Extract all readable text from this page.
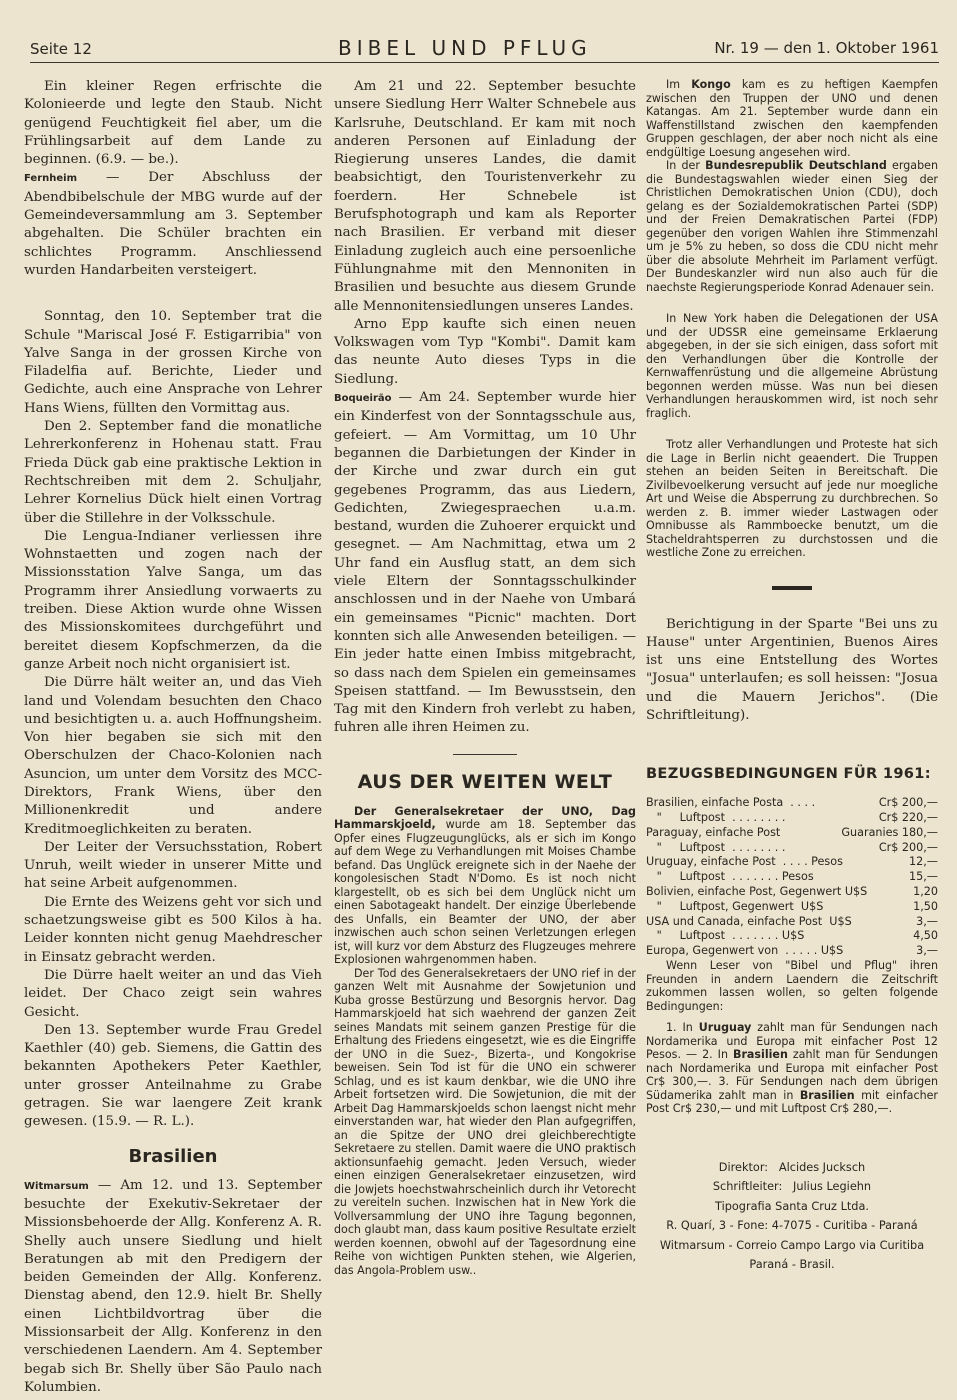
Seite 12	BIBEL UND PFLUG	Nr. 19 — den 1. Oktober 1961

Ein kleiner Regen erfrischte die Kolonieerde und legte den Staub. Nicht genügend Feuchtigkeit fiel aber, um die Frühlingsarbeit auf dem Lande zu beginnen. (6.9. — be.).

Fernheim — Der Abschluss der Abendbibelschule der MBG wurde auf der Gemeindeversammlung am 3. September abgehalten. Die Schüler brachten ein schlichtes Programm. Anschliessend wurden Handarbeiten versteigert.

Sonntag, den 10. September trat die Schule "Mariscal José F. Estigarribia" von Yalve Sanga in der grossen Kirche von Filadelfia auf. Berichte, Lieder und Gedichte, auch eine Ansprache von Lehrer Hans Wiens, füllten den Vormittag aus.

Den 2. September fand die monatliche Lehrerkonferenz in Hohenau statt. Frau Frieda Dück gab eine praktische Lektion in Rechtschreiben mit dem 2. Schuljahr, Lehrer Kornelius Dück hielt einen Vortrag über die Stillehre in der Volksschule.

Die Lengua-Indianer verliessen ihre Wohnstaetten und zogen nach der Missionsstation Yalve Sanga, um das Programm ihrer Ansiedlung vorwaerts zu treiben. Diese Aktion wurde ohne Wissen des Missionskomitees durchgeführt und bereitet diesem Kopfschmerzen, da die ganze Arbeit noch nicht organisiert ist.

Die Dürre hält weiter an, und das Vieh land und Volendam besuchten den Chaco und besichtigten u. a. auch Hoffnungsheim. Von hier begaben sie sich mit den Oberschulzen der Chaco-Kolonien nach Asuncion, um unter dem Vorsitz des MCC-Direktors, Frank Wiens, über den Millionenkredit und andere Kreditmoeglichkeiten zu beraten.

Der Leiter der Versuchsstation, Robert Unruh, weilt wieder in unserer Mitte und hat seine Arbeit aufgenommen.

Die Ernte des Weizens geht vor sich und schaetzungsweise gibt es 500 Kilos à ha. Leider konnten nicht genug Maehdrescher in Einsatz gebracht werden.

Die Dürre haelt weiter an und das Vieh leidet. Der Chaco zeigt sein wahres Gesicht.

Den 13. September wurde Frau Gredel Kaethler (40) geb. Siemens, die Gattin des bekannten Apothekers Peter Kaethler, unter grosser Anteilnahme zu Grabe getragen. Sie war laengere Zeit krank gewesen. (15.9. — R. L.).

Brasilien

Witmarsum — Am 12. und 13. September besuchte der Exekutiv-Sekretaer der Missionsbehoerde der Allg. Konferenz A. R. Shelly auch unsere Siedlung und hielt Beratungen ab mit den Predigern der beiden Gemeinden der Allg. Konferenz. Dienstag abend, den 12.9. hielt Br. Shelly einen Lichtbildvortrag über die Missionsarbeit der Allg. Konferenz in den verschiedenen Laendern. Am 4. September begab sich Br. Shelly über São Paulo nach Kolumbien.

Am 21 und 22. September besuchte unsere Siedlung Herr Walter Schnebele aus Karlsruhe, Deutschland. Er kam mit noch anderen Personen auf Einladung der Riegierung unseres Landes, die damit beabsichtigt, den Touristenverkehr zu foerdern. Her Schnebele ist Berufsphotograph und kam als Reporter nach Brasilien. Er verband mit dieser Einladung zugleich auch eine persoenliche Fühlungnahme mit den Mennoniten in Brasilien und besuchte aus diesem Grunde alle Mennonitensiedlungen unseres Landes.

Arno Epp kaufte sich einen neuen Volkswagen vom Typ "Kombi". Damit kam das neunte Auto dieses Typs in die Siedlung.

Boqueirão — Am 24. September wurde hier ein Kinderfest von der Sonntagsschule aus, gefeiert. — Am Vormittag, um 10 Uhr begannen die Darbietungen der Kinder in der Kirche und zwar durch ein gut gegebenes Programm, das aus Liedern, Gedichten, Zwiegespraechen u.a.m. bestand, wurden die Zuhoerer erquickt und gesegnet. — Am Nachmittag, etwa um 2 Uhr fand ein Ausflug statt, an dem sich viele Eltern der Sonntagsschulkinder anschlossen und in der Naehe von Umbará ein gemeinsames "Picnic" machten. Dort konnten sich alle Anwesenden beteiligen. — Ein jeder hatte einen Imbiss mitgebracht, so dass nach dem Spielen ein gemeinsames Speisen stattfand. — Im Bewusstsein, den Tag mit den Kindern froh verlebt zu haben, fuhren alle ihren Heimen zu.

AUS DER WEITEN WELT

Der Generalsekretaer der UNO, Dag Hammarskjoeld, wurde am 18. September das Opfer eines Flugzeugunglücks, als er sich im Kongo auf dem Wege zu Verhandlungen mit Moises Chambe befand. Das Unglück ereignete sich in der Naehe der kongolesischen Stadt N'Domo. Es ist noch nicht klargestellt, ob es sich bei dem Unglück nicht um einen Sabotageakt handelt. Der einzige Überlebende des Unfalls, ein Beamter der UNO, der aber inzwischen auch schon seinen Verletzungen erlegen ist, will kurz vor dem Absturz des Flugzeuges mehrere Explosionen wahrgenommen haben.

Der Tod des Generalsekretaers der UNO rief in der ganzen Welt mit Ausnahme der Sowjetunion und Kuba grosse Bestürzung und Besorgnis hervor. Dag Hammarskjoeld hat sich waehrend der ganzen Zeit seines Mandats mit seinem ganzen Prestige für die Erhaltung des Friedens eingesetzt, wie es die Eingriffe der UNO in die Suez-, Bizerta-, und Kongokrise beweisen. Sein Tod ist für die UNO ein schwerer Schlag, und es ist kaum denkbar, wie die UNO ihre Arbeit fortsetzen wird. Die Sowjetunion, die mit der Arbeit Dag Hammarskjoelds schon laengst nicht mehr einverstanden war, hat wieder den Plan aufgegriffen, an die Spitze der UNO drei gleichberechtigte Sekretaere zu stellen. Damit waere die UNO praktisch aktionsunfaehig gemacht. Jeden Versuch, wieder einen einzigen Generalsekretaer einzusetzen, wird die Jowjets hoechstwahrscheinlich durch ihr Vetorecht zu vereiteln suchen. Inzwischen hat in New York die Vollversammlung der UNO ihre Tagung begonnen, doch glaubt man, dass kaum positive Resultate erzielt werden koennen, obwohl auf der Tagesordnung eine Reihe von wichtigen Punkten stehen, wie Algerien, das Angola-Problem usw..

Im Kongo kam es zu heftigen Kaempfen zwischen den Truppen der UNO und denen Katangas. Am 21. September wurde dann ein Waffenstillstand zwischen den kaempfenden Gruppen geschlagen, der aber noch nicht als eine endgültige Loesung angesehen wird.

In der Bundesrepublik Deutschland ergaben die Bundestagswahlen wieder einen Sieg der Christlichen Demokratischen Union (CDU), doch gelang es der Sozialdemokratischen Partei (SDP) und der Freien Demakratischen Partei (FDP) gegenüber den vorigen Wahlen ihre Stimmenzahl um je 5% zu heben, so doss die CDU nicht mehr über die absolute Mehrheit im Parlament verfügt. Der Bundeskanzler wird nun also auch für die naechste Regierungsperiode Konrad Adenauer sein.

In New York haben die Delegationen der USA und der UDSSR eine gemeinsame Erklaerung abgegeben, in der sie sich einigen, dass sofort mit den Verhandlungen über die Kontrolle der Kernwaffenrüstung und die allgemeine Abrüstung begonnen werden müsse. Was nun bei diesen Verhandlungen herauskommen wird, ist noch sehr fraglich.

Trotz aller Verhandlungen und Proteste hat sich die Lage in Berlin nicht geaendert. Die Truppen stehen an beiden Seiten in Bereitschaft. Die Zivilbevoelkerung versucht auf jede nur moegliche Art und Weise die Absperrung zu durchbrechen. So werden z. B. immer wieder Lastwagen oder Omnibusse als Rammboecke benutzt, um die Stacheldrahtsperren zu durchstossen und die westliche Zone zu erreichen.

Berichtigung in der Sparte "Bei uns zu Hause" unter Argentinien, Buenos Aires ist uns eine Entstellung des Wortes "Josua" unterlaufen; es soll heissen: "Josua und die Mauern Jerichos". (Die Schriftleitung).

BEZUGSBEDINGUNGEN FÜR 1961:
Brasilien, einfache Posta  . . . .	Cr$ 200,—
"     Luftpost  . . . . . . . .	Cr$ 220,—
Paraguay, einfache Post	Guaranies 180,—
"     Luftpost  . . . . . . . .	Cr$ 200,—
Uruguay, einfache Post  . . . . Pesos	12,—
"     Luftpost  . . . . . . . Pesos	15,—
Bolivien, einfache Post, Gegenwert U$S	1,20
"     Luftpost, Gegenwert  U$S	1,50
USA und Canada, einfache Post  U$S	3,—
"     Luftpost  . . . . . . . U$S	4,50
Europa, Gegenwert von  . . . . . U$S	3,—

Wenn Leser von "Bibel und Pflug" ihren Freunden in andern Laendern die Zeitschrift zukommen lassen wollen, so gelten folgende Bedingungen:

1. In Uruguay zahlt man für Sendungen nach Nordamerika und Europa mit einfacher Post 12 Pesos. — 2. In Brasilien zahlt man für Sendungen nach Nordamerika und Europa mit einfacher Post Cr$ 300,—. 3. Für Sendungen nach dem übrigen Südamerika zahlt man in Brasilien mit einfacher Post Cr$ 230,— und mit Luftpost Cr$ 280,—.

Direktor:   Alcides Jucksch
Schriftleiter:   Julius Legiehn
Tipografia Santa Cruz Ltda.
R. Quarí, 3 - Fone: 4-7075 - Curitiba - Paraná
Witmarsum - Correio Campo Largo via Curitiba
Paraná - Brasil.
